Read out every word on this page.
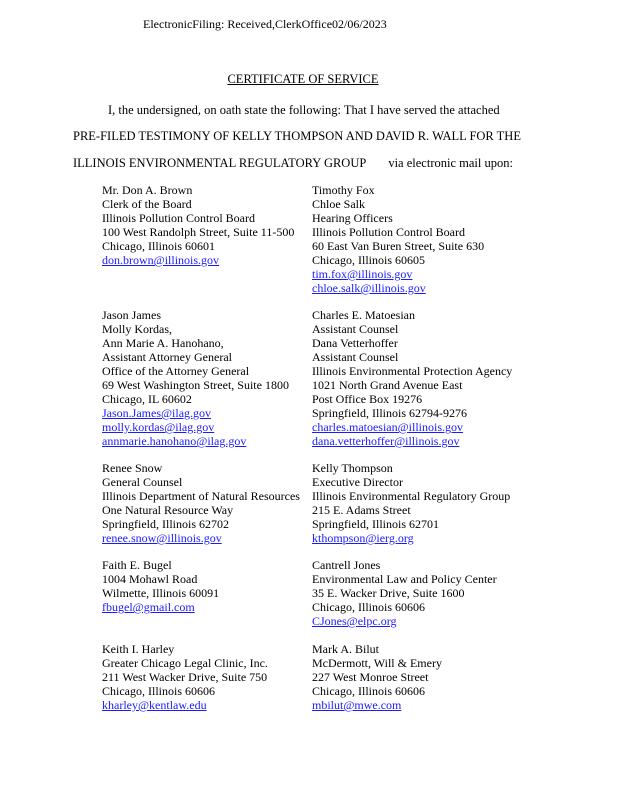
ElectronicFiling: Received,ClerkOffice02/06/2023
CERTIFICATE OF SERVICE
I, the undersigned, on oath state the following: That I have served the attached
PRE-FILED TESTIMONY OF KELLY THOMPSON AND DAVID R. WALL FOR THE
ILLINOIS ENVIRONMENTAL REGULATORY GROUP via electronic mail upon:
Mr. Don A. Brown
Clerk of the Board
Illinois Pollution Control Board
100 West Randolph Street, Suite 11-500
Chicago, Illinois 60601
don.brown@illinois.gov
Timothy Fox
Chloe Salk
Hearing Officers
Illinois Pollution Control Board
60 East Van Buren Street, Suite 630
Chicago, Illinois 60605
tim.fox@illinois.gov
chloe.salk@illinois.gov
Jason James
Molly Kordas,
Ann Marie A. Hanohano,
Assistant Attorney General
Office of the Attorney General
69 West Washington Street, Suite 1800
Chicago, IL 60602
Jason.James@ilag.gov
molly.kordas@ilag.gov
annmarie.hanohano@ilag.gov
Charles E. Matoesian
Assistant Counsel
Dana Vetterhoffer
Assistant Counsel
Illinois Environmental Protection Agency
1021 North Grand Avenue East
Post Office Box 19276
Springfield, Illinois 62794-9276
charles.matoesian@illinois.gov
dana.vetterhoffer@illinois.gov
Renee Snow
General Counsel
Illinois Department of Natural Resources
One Natural Resource Way
Springfield, Illinois 62702
renee.snow@illinois.gov
Kelly Thompson
Executive Director
Illinois Environmental Regulatory Group
215 E. Adams Street
Springfield, Illinois 62701
kthompson@ierg.org
Faith E. Bugel
1004 Mohawl Road
Wilmette, Illinois 60091
fbugel@gmail.com
Cantrell Jones
Environmental Law and Policy Center
35 E. Wacker Drive, Suite 1600
Chicago, Illinois 60606
CJones@elpc.org
Keith I. Harley
Greater Chicago Legal Clinic, Inc.
211 West Wacker Drive, Suite 750
Chicago, Illinois 60606
kharley@kentlaw.edu
Mark A. Bilut
McDermott, Will & Emery
227 West Monroe Street
Chicago, Illinois 60606
mbilut@mwe.com
